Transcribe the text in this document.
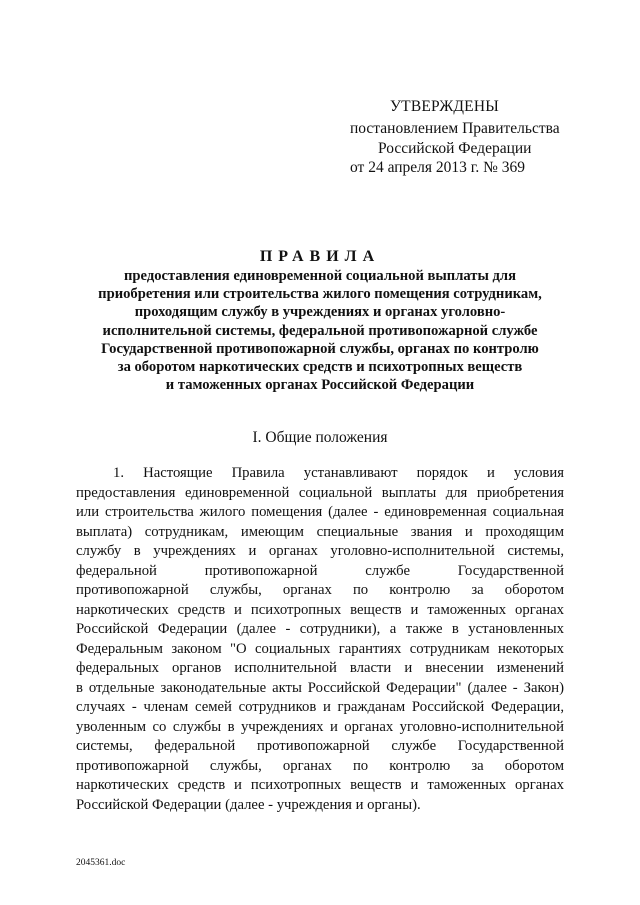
УТВЕРЖДЕНЫ
постановлением Правительства
Российской Федерации
от 24 апреля 2013 г. № 369
ПРАВИЛА
предоставления единовременной социальной выплаты для
приобретения или строительства жилого помещения сотрудникам,
проходящим службу в учреждениях и органах уголовно-
исполнительной системы, федеральной противопожарной службе
Государственной противопожарной службы, органах по контролю
за оборотом наркотических средств и психотропных веществ
и таможенных органах Российской Федерации
I. Общие положения
1. Настоящие Правила устанавливают порядок и условия
предоставления единовременной социальной выплаты для приобретения
или строительства жилого помещения (далее - единовременная социальная
выплата) сотрудникам, имеющим специальные звания и проходящим
службу в учреждениях и органах уголовно-исполнительной системы,
федеральной противопожарной службе Государственной
противопожарной службы, органах по контролю за оборотом
наркотических средств и психотропных веществ и таможенных органах
Российской Федерации (далее - сотрудники), а также в установленных
Федеральным законом "О социальных гарантиях сотрудникам некоторых
федеральных органов исполнительной власти и внесении изменений
в отдельные законодательные акты Российской Федерации" (далее - Закон)
случаях - членам семей сотрудников и гражданам Российской Федерации,
уволенным со службы в учреждениях и органах уголовно-исполнительной
системы, федеральной противопожарной службе Государственной
противопожарной службы, органах по контролю за оборотом
наркотических средств и психотропных веществ и таможенных органах
Российской Федерации (далее - учреждения и органы).
2045361.doc
